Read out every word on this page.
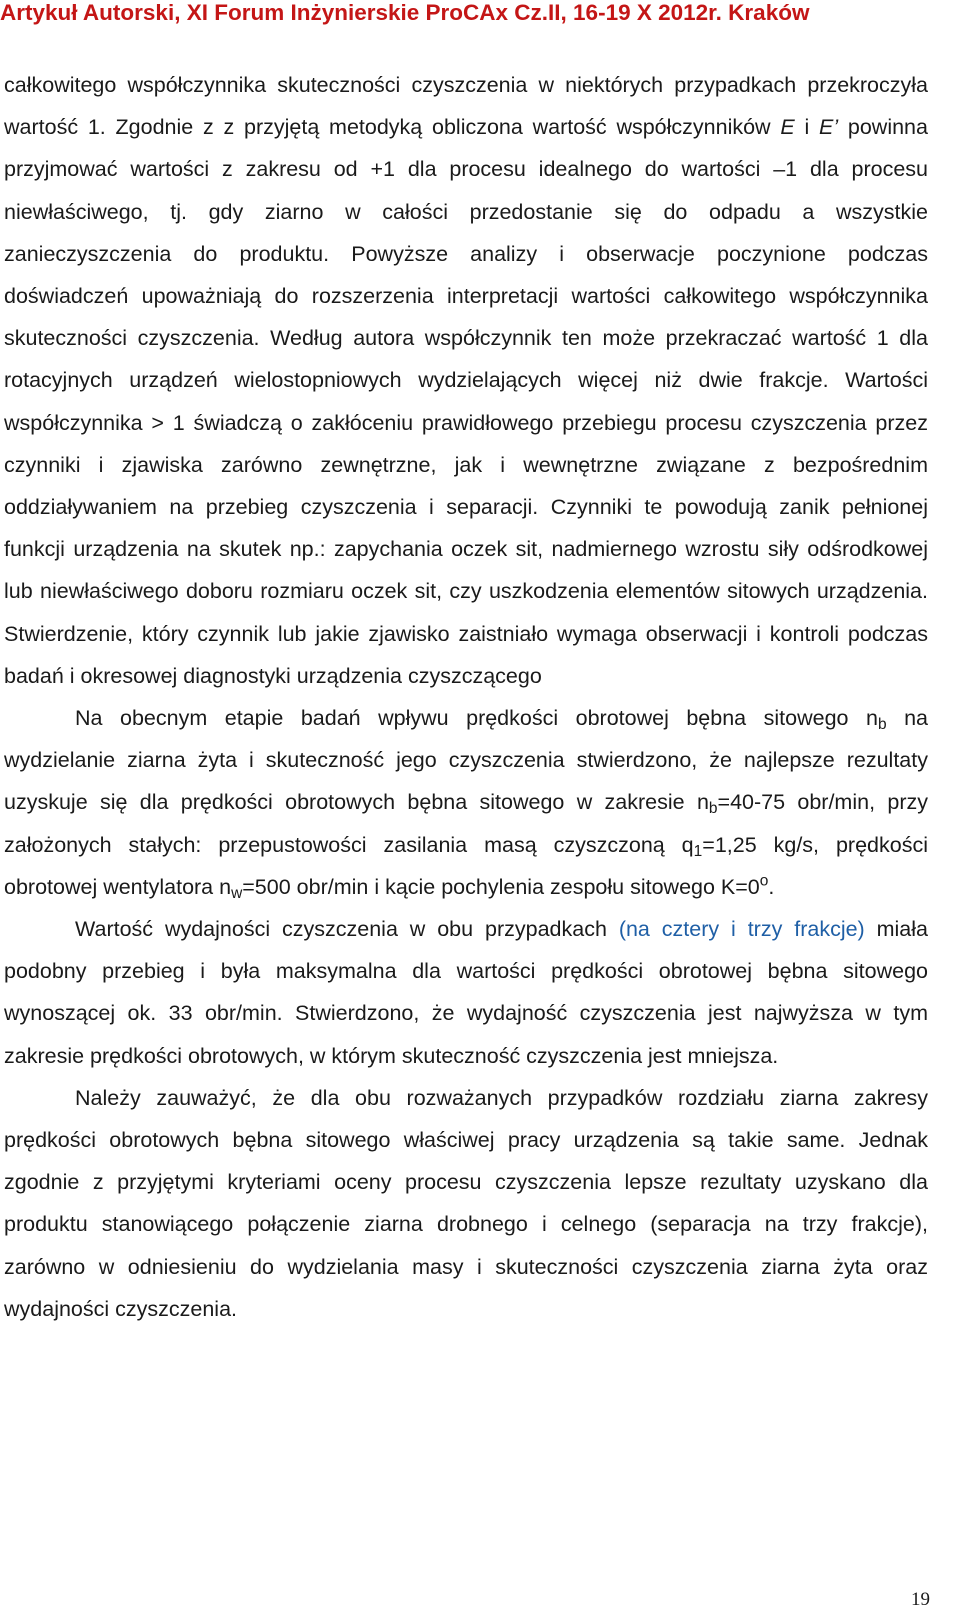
Artykuł Autorski, XI Forum Inżynierskie ProCAx Cz.II, 16-19 X 2012r. Kraków

całkowitego współczynnika skuteczności czyszczenia w niektórych przypadkach przekroczyła wartość 1. Zgodnie z z przyjętą metodyką obliczona wartość współczynników E i E’ powinna przyjmować wartości z zakresu od +1 dla procesu idealnego do wartości –1 dla procesu niewłaściwego, tj. gdy ziarno w całości przedostanie się do odpadu a wszystkie zanieczyszczenia do produktu. Powyższe analizy i obserwacje poczynione podczas doświadczeń upoważniają do rozszerzenia interpretacji wartości całkowitego współczynnika skuteczności czyszczenia. Według autora współczynnik ten może przekraczać wartość 1 dla rotacyjnych urządzeń wielostopniowych wydzielających więcej niż dwie frakcje. Wartości współczynnika > 1 świadczą o zakłóceniu prawidłowego przebiegu procesu czyszczenia przez czynniki i zjawiska zarówno zewnętrzne, jak i wewnętrzne związane z bezpośrednim oddziaływaniem na przebieg czyszczenia i separacji. Czynniki te powodują zanik pełnionej funkcji urządzenia na skutek np.: zapychania oczek sit, nadmiernego wzrostu siły odśrodkowej lub niewłaściwego doboru rozmiaru oczek sit, czy uszkodzenia elementów sitowych urządzenia. Stwierdzenie, który czynnik lub jakie zjawisko zaistniało wymaga obserwacji i kontroli podczas badań i okresowej diagnostyki urządzenia czyszczącego

Na obecnym etapie badań wpływu prędkości obrotowej bębna sitowego $n_b$ na wydzielanie ziarna żyta i skuteczność jego czyszczenia stwierdzono, że najlepsze rezultaty uzyskuje się dla prędkości obrotowych bębna sitowego w zakresie $n_b=40-75$ obr/min, przy założonych stałych: przepustowości zasilania masą czyszczoną $q_1=1,25$ kg/s, prędkości obrotowej wentylatora $n_w=500$ obr/min i kącie pochylenia zespołu sitowego $K=0^o$.

Wartość wydajności czyszczenia w obu przypadkach (na cztery i trzy frakcje) miała podobny przebieg i była maksymalna dla wartości prędkości obrotowej bębna sitowego wynoszącej ok. 33 obr/min. Stwierdzono, że wydajność czyszczenia jest najwyższa w tym zakresie prędkości obrotowych, w którym skuteczność czyszczenia jest mniejsza.

Należy zauważyć, że dla obu rozważanych przypadków rozdziału ziarna zakresy prędkości obrotowych bębna sitowego właściwej pracy urządzenia są takie same. Jednak zgodnie z przyjętymi kryteriami oceny procesu czyszczenia lepsze rezultaty uzyskano dla produktu stanowiącego połączenie ziarna drobnego i celnego (separacja na trzy frakcje), zarówno w odniesieniu do wydzielania masy i skuteczności czyszczenia ziarna żyta oraz wydajności czyszczenia.

19
